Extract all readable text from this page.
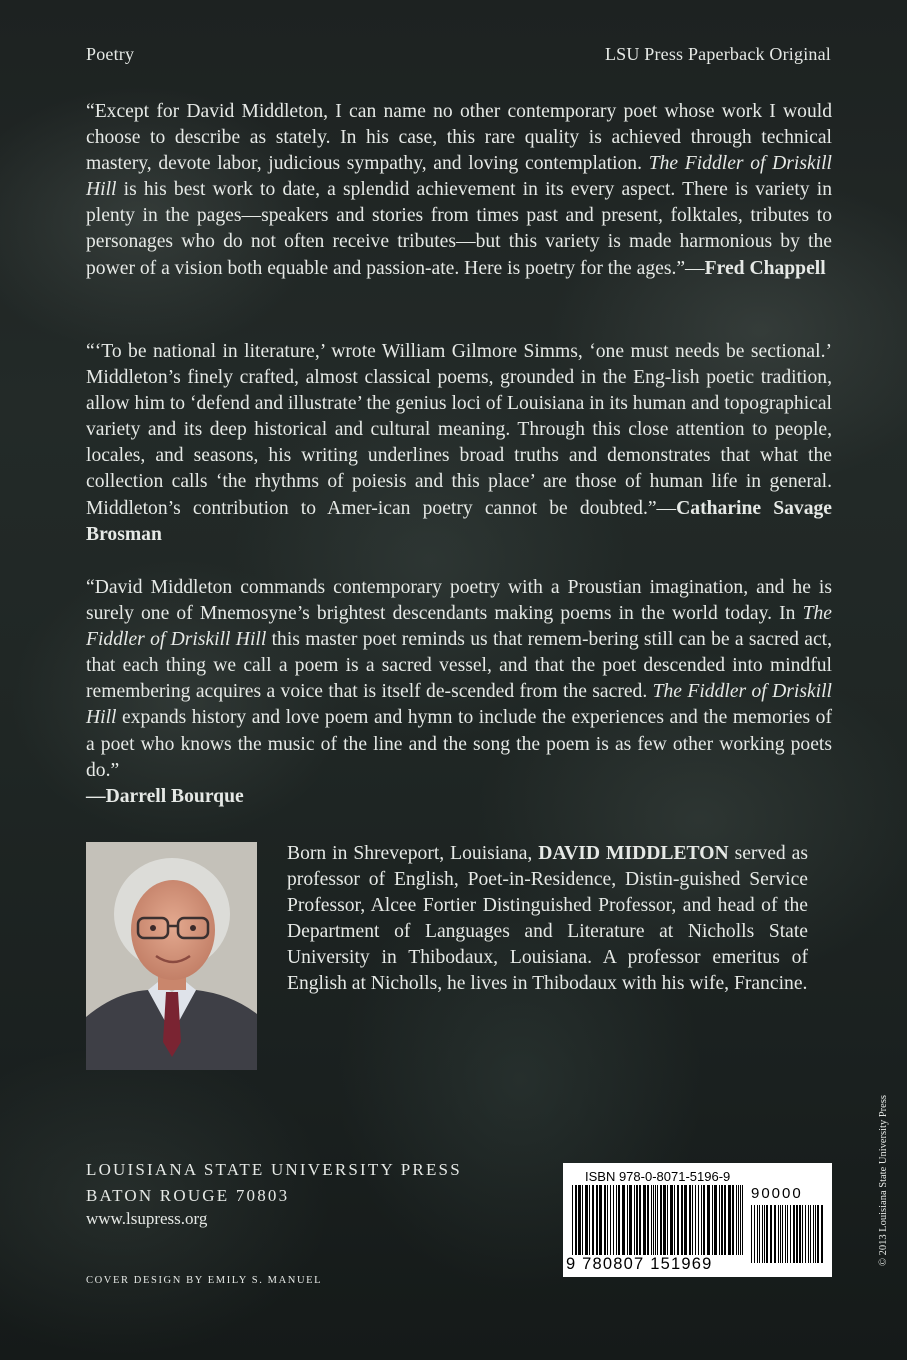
Poetry	LSU Press Paperback Original

“Except for David Middleton, I can name no other contemporary poet whose work I would choose to describe as stately. In his case, this rare quality is achieved through technical mastery, devote labor, judicious sympathy, and loving contemplation. The Fiddler of Driskill Hill is his best work to date, a splendid achievement in its every aspect. There is variety in plenty in the pages—speakers and stories from times past and present, folktales, tributes to personages who do not often receive tributes—but this variety is made harmonious by the power of a vision both equable and passion-ate. Here is poetry for the ages.”—Fred Chappell

“‘To be national in literature,’ wrote William Gilmore Simms, ‘one must needs be sectional.’ Middleton’s finely crafted, almost classical poems, grounded in the Eng-lish poetic tradition, allow him to ‘defend and illustrate’ the genius loci of Louisiana in its human and topographical variety and its deep historical and cultural meaning. Through this close attention to people, locales, and seasons, his writing underlines broad truths and demonstrates that what the collection calls ‘the rhythms of poiesis and this place’ are those of human life in general. Middleton’s contribution to Amer-ican poetry cannot be doubted.”—Catharine Savage Brosman

“David Middleton commands contemporary poetry with a Proustian imagination, and he is surely one of Mnemosyne’s brightest descendants making poems in the world today. In The Fiddler of Driskill Hill this master poet reminds us that remem-bering still can be a sacred act, that each thing we call a poem is a sacred vessel, and that the poet descended into mindful remembering acquires a voice that is itself de-scended from the sacred. The Fiddler of Driskill Hill expands history and love poem and hymn to include the experiences and the memories of a poet who knows the music of the line and the song the poem is as few other working poets do.”
—Darrell Bourque

Born in Shreveport, Louisiana, DAVID MIDDLETON served as professor of English, Poet-in-Residence, Distin-guished Service Professor, Alcee Fortier Distinguished Professor, and head of the Department of Languages and Literature at Nicholls State University in Thibodaux, Louisiana. A professor emeritus of English at Nicholls, he lives in Thibodaux with his wife, Francine.

LOUISIANA STATE UNIVERSITY PRESS
BATON ROUGE 70803
www.lsupress.org
COVER DESIGN BY EMILY S. MANUEL
© 2013 Louisiana State University Press
ISBN 978-0-8071-5196-9
90000
9 780807 151969
